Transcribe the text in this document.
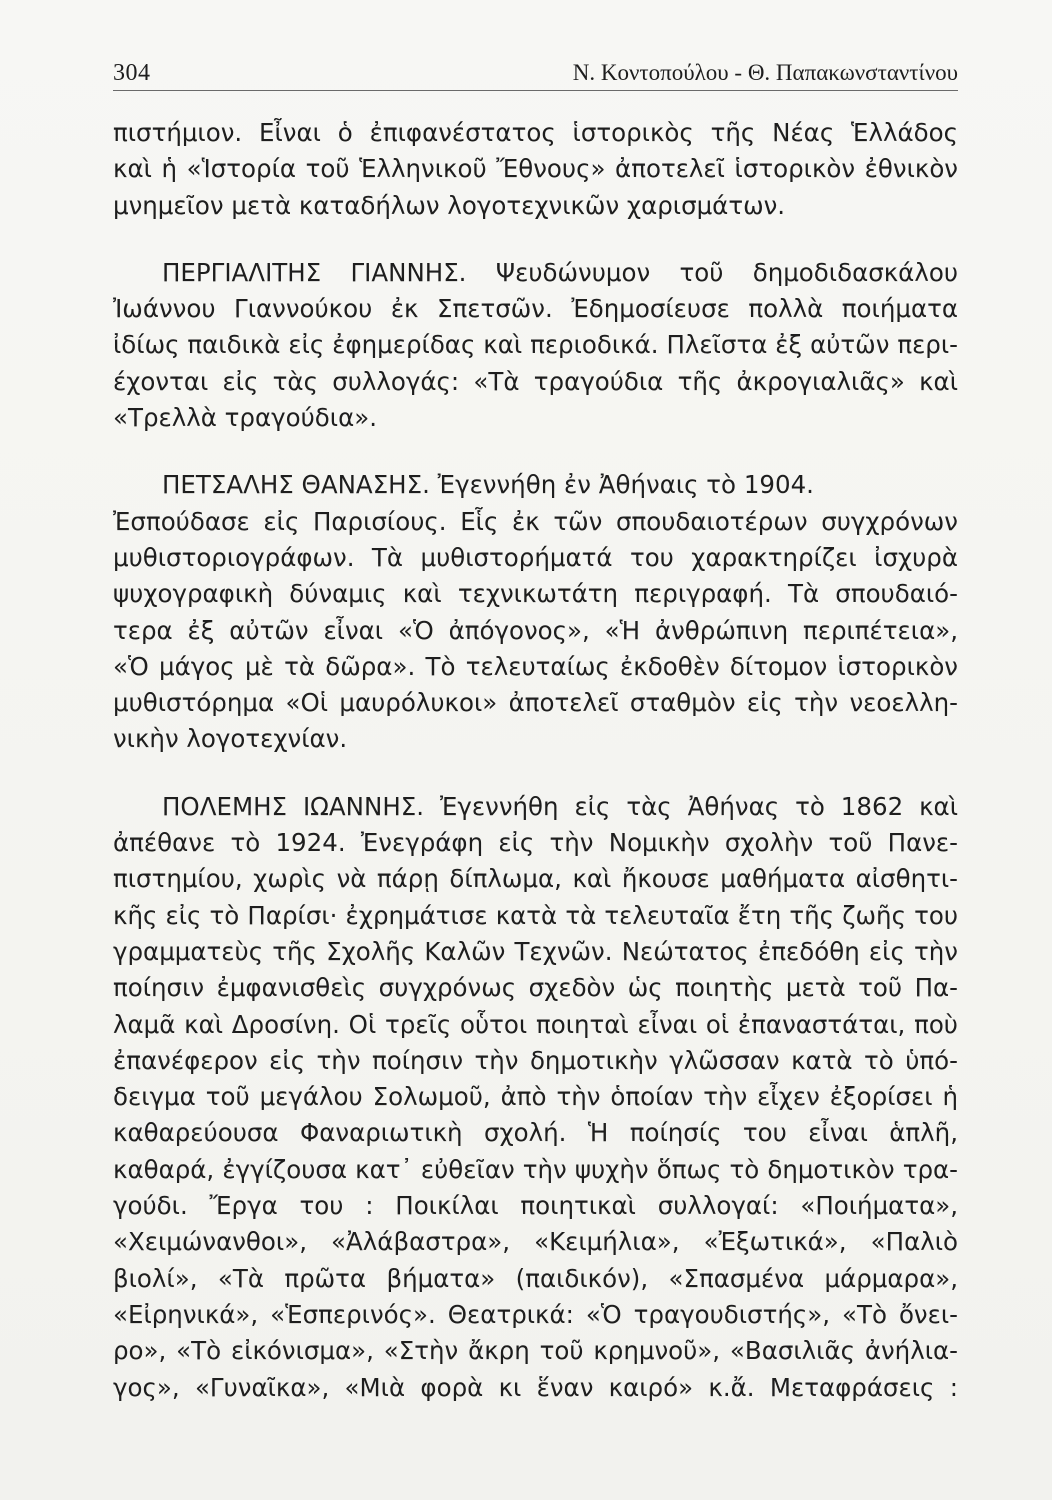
304	Ν. Κοντοπούλου - Θ. Παπακωνσταντίνου
πιστήμιον. Εἶναι ὁ ἐπιφανέστατος ἱστορικὸς τῆς Νέας Ἑλλάδος
καὶ ἡ «Ἱστορία τοῦ Ἑλληνικοῦ Ἔθνους» ἀποτελεῖ ἱστορικὸν ἐθνικὸν
μνημεῖον μετὰ καταδήλων λογοτεχνικῶν χαρισμάτων.
ΠΕΡΓΙΑΛΙΤΗΣ ΓΙΑΝΝΗΣ. Ψευδώνυμον τοῦ δημοδιδασκάλου
Ἰωάννου Γιαννούκου ἐκ Σπετσῶν. Ἐδημοσίευσε πολλὰ ποιήματα
ἰδίως παιδικὰ εἰς ἐφημερίδας καὶ περιοδικά. Πλεῖστα ἐξ αὐτῶν περι-
έχονται εἰς τὰς συλλογάς: «Τὰ τραγούδια τῆς ἀκρογιαλιᾶς» καὶ
«Τρελλὰ τραγούδια».
ΠΕΤΣΑΛΗΣ ΘΑΝΑΣΗΣ. Ἐγεννήθη ἐν Ἀθήναις τὸ 1904.
Ἐσπούδασε εἰς Παρισίους. Εἷς ἐκ τῶν σπουδαιοτέρων συγχρόνων
μυθιστοριογράφων. Τὰ μυθιστορήματά του χαρακτηρίζει ἰσχυρὰ
ψυχογραφικὴ δύναμις καὶ τεχνικωτάτη περιγραφή. Τὰ σπουδαιό-
τερα ἐξ αὐτῶν εἶναι «Ὁ ἀπόγονος», «Ἡ ἀνθρώπινη περιπέτεια»,
«Ὁ μάγος μὲ τὰ δῶρα». Τὸ τελευταίως ἐκδοθὲν δίτομον ἱστορικὸν
μυθιστόρημα «Οἱ μαυρόλυκοι» ἀποτελεῖ σταθμὸν εἰς τὴν νεοελλη-
νικὴν λογοτεχνίαν.
ΠΟΛΕΜΗΣ ΙΩΑΝΝΗΣ. Ἐγεννήθη εἰς τὰς Ἀθήνας τὸ 1862 καὶ
ἀπέθανε τὸ 1924. Ἐνεγράφη εἰς τὴν Νομικὴν σχολὴν τοῦ Πανε-
πιστημίου, χωρὶς νὰ πάρῃ δίπλωμα, καὶ ἤκουσε μαθήματα αἰσθητι-
κῆς εἰς τὸ Παρίσι· ἐχρημάτισε κατὰ τὰ τελευταῖα ἔτη τῆς ζωῆς του
γραμματεὺς τῆς Σχολῆς Καλῶν Τεχνῶν. Νεώτατος ἐπεδόθη εἰς τὴν
ποίησιν ἐμφανισθεὶς συγχρόνως σχεδὸν ὡς ποιητὴς μετὰ τοῦ Πα-
λαμᾶ καὶ Δροσίνη. Οἱ τρεῖς οὗτοι ποιηταὶ εἶναι οἱ ἐπαναστάται, ποὺ
ἐπανέφερον εἰς τὴν ποίησιν τὴν δημοτικὴν γλῶσσαν κατὰ τὸ ὑπό-
δειγμα τοῦ μεγάλου Σολωμοῦ, ἀπὸ τὴν ὁποίαν τὴν εἶχεν ἐξορίσει ἡ
καθαρεύουσα Φαναριωτικὴ σχολή. Ἡ ποίησίς του εἶναι ἁπλῆ,
καθαρά, ἐγγίζουσα κατ᾽ εὐθεῖαν τὴν ψυχὴν ὅπως τὸ δημοτικὸν τρα-
γούδι. Ἔργα του : Ποικίλαι ποιητικαὶ συλλογαί: «Ποιήματα»,
«Χειμώνανθοι», «Ἀλάβαστρα», «Κειμήλια», «Ἐξωτικά», «Παλιὸ
βιολί», «Τὰ πρῶτα βήματα» (παιδικόν), «Σπασμένα μάρμαρα»,
«Εἰρηνικά», «Ἑσπερινός». Θεατρικά: «Ὁ τραγουδιστής», «Τὸ ὄνει-
ρο», «Τὸ εἰκόνισμα», «Στὴν ἄκρη τοῦ κρημνοῦ», «Βασιλιᾶς ἀνήλια-
γος», «Γυναῖκα», «Μιὰ φορὰ κι ἕναν καιρό» κ.ἄ. Μεταφράσεις :
